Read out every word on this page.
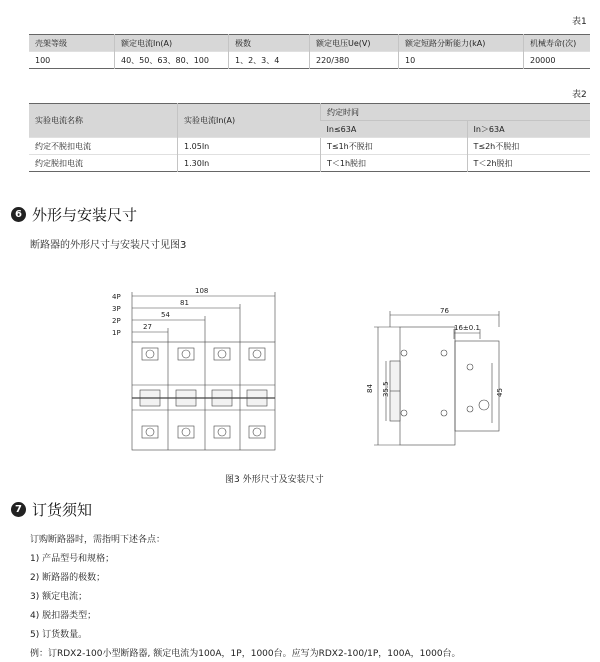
表1
壳架等级	额定电流In(A)	极数	额定电压Ue(V)	额定短路分断能力(kA)	机械寿命(次)
100	40、50、63、80、100	1、2、3、4	220/380	10	20000
表2
实验电流名称	实验电流In(A)	约定时间	
		In≤63A	In＞63A
约定不脱扣电流	1.05In	T≤1h不脱扣	T≤2h不脱扣
约定脱扣电流	1.30In	T＜1h脱扣	T＜2h脱扣
6 外形与安装尺寸
断路器的外形尺寸与安装尺寸见图3
4P
3P
2P
1P
108
81
54
27
76
16±0.1
84 35.5	45
图3 外形尺寸及安装尺寸
7 订货须知
订购断路器时，需指明下述各点：
1) 产品型号和规格；
2) 断路器的极数；
3) 额定电流；
4) 脱扣器类型；
5) 订货数量。
例：订RDX2-100小型断路器, 额定电流为100A，1P，1000台。应写为RDX2-100/1P，100A，1000台。
